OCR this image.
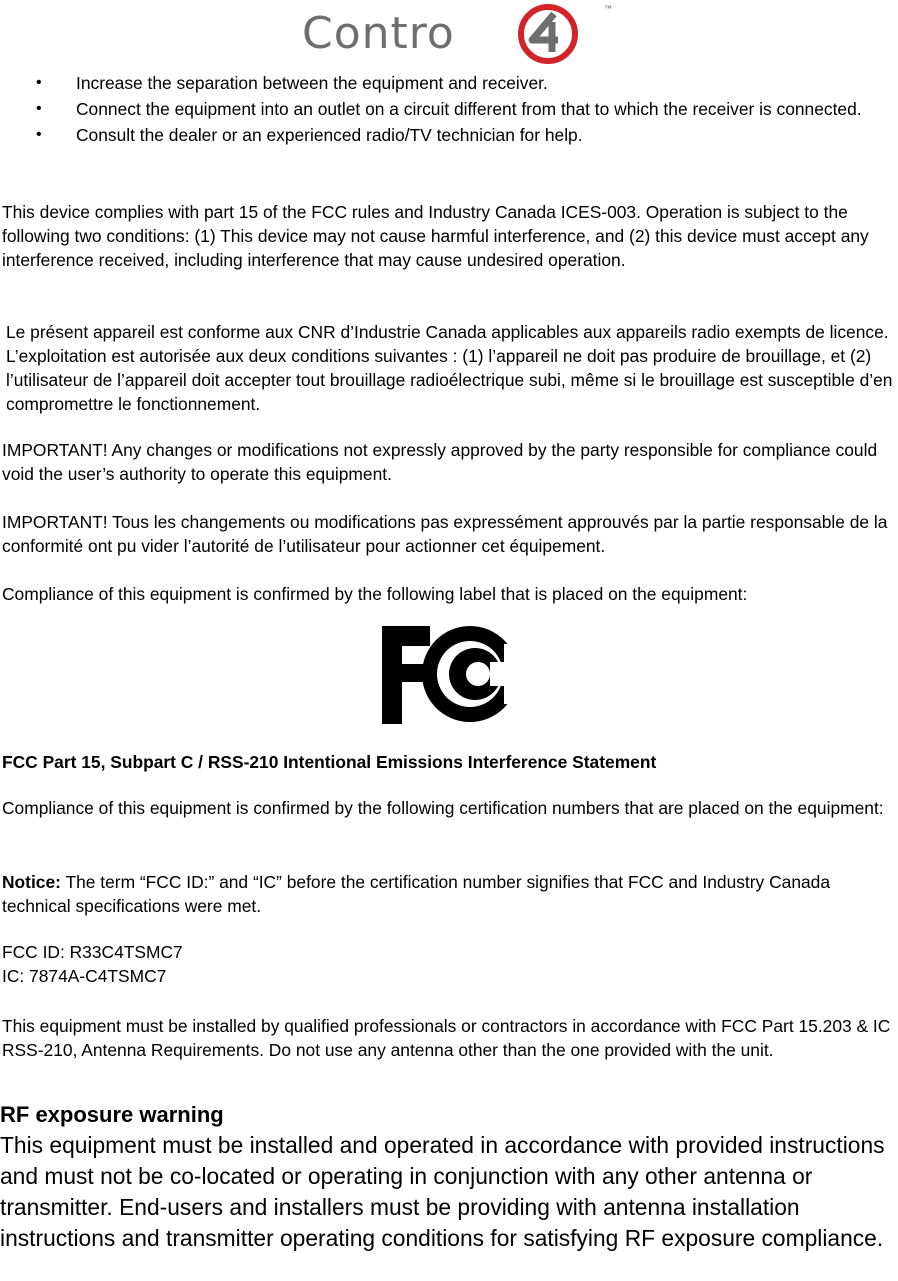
Contro	™
• Increase the separation between the equipment and receiver.
• Connect the equipment into an outlet on a circuit different from that to which the receiver is connected.
• Consult the dealer or an experienced radio/TV technician for help.

This device complies with part 15 of the FCC rules and Industry Canada ICES-003. Operation is subject to the following two conditions: (1) This device may not cause harmful interference, and (2) this device must accept any interference received, including interference that may cause undesired operation.

Le présent appareil est conforme aux CNR d’Industrie Canada applicables aux appareils radio exempts de licence. L’exploitation est autorisée aux deux conditions suivantes : (1) l’appareil ne doit pas produire de brouillage, et (2) l’utilisateur de l’appareil doit accepter tout brouillage radioélectrique subi, même si le brouillage est susceptible d’en compromettre le fonctionnement.

IMPORTANT! Any changes or modifications not expressly approved by the party responsible for compliance could void the user’s authority to operate this equipment.

IMPORTANT! Tous les changements ou modifications pas expressément approuvés par la partie responsable de la conformité ont pu vider l’autorité de l’utilisateur pour actionner cet équipement.

Compliance of this equipment is confirmed by the following label that is placed on the equipment:

FCC Part 15, Subpart C / RSS-210 Intentional Emissions Interference Statement

Compliance of this equipment is confirmed by the following certification numbers that are placed on the equipment:

Notice: The term “FCC ID:” and “IC” before the certification number signifies that FCC and Industry Canada technical specifications were met.

FCC ID: R33C4TSMC7

IC: 7874A-C4TSMC7

This equipment must be installed by qualified professionals or contractors in accordance with FCC Part 15.203 & IC RSS-210, Antenna Requirements. Do not use any antenna other than the one provided with the unit.

RF exposure warning

This equipment must be installed and operated in accordance with provided instructions and must not be co-located or operating in conjunction with any other antenna or transmitter. End-users and installers must be providing with antenna installation instructions and transmitter operating conditions for satisfying RF exposure compliance.
